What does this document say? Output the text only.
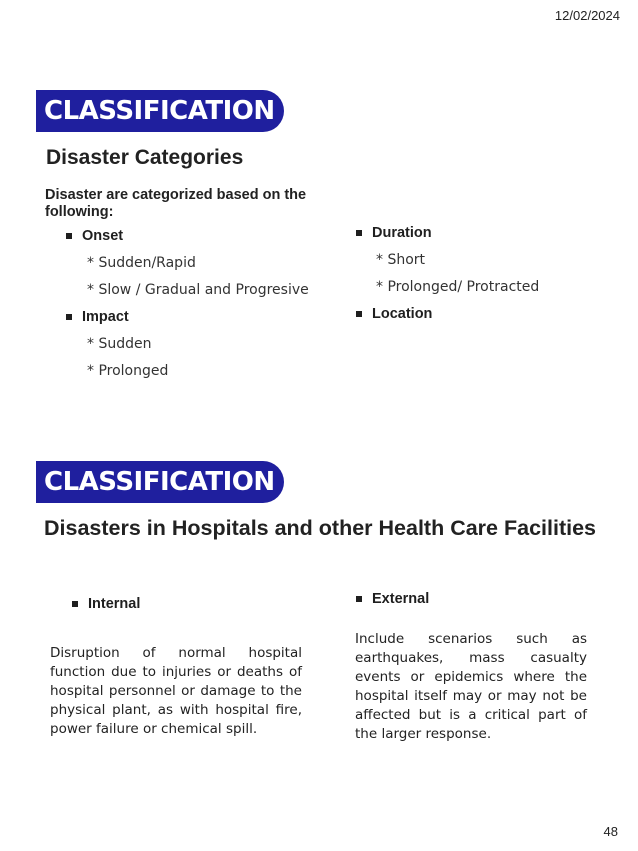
12/02/2024
CLASSIFICATION
Disaster Categories
Disaster are categorized based on the following:
Onset
* Sudden/Rapid
* Slow / Gradual and Progresive
Impact
* Sudden
* Prolonged
Duration
* Short
* Prolonged/ Protracted
Location
CLASSIFICATION
Disasters in Hospitals and other Health Care Facilities
Internal
Disruption of normal hospital function due to injuries or deaths of hospital personnel or damage to the physical plant, as with hospital fire, power failure or chemical spill.
External
Include scenarios such as earthquakes, mass casualty events or epidemics where the hospital itself may or may not be affected but is a critical part of the larger response.
48
